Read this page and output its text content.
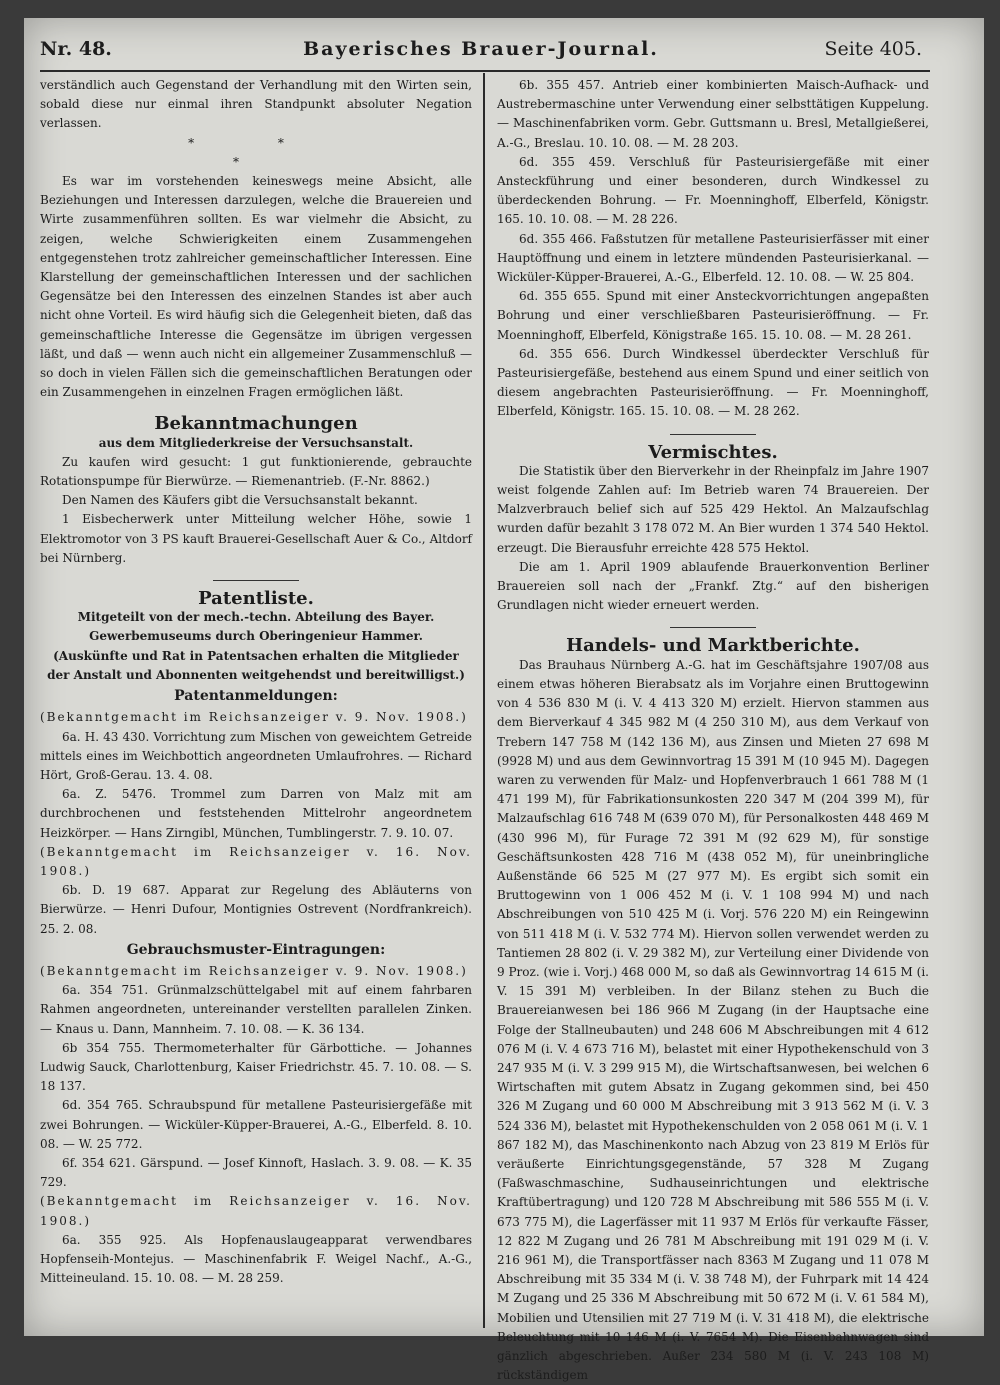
Nr. 48.	Bayerisches Brauer-Journal.	Seite 405.

verständlich auch Gegenstand der Verhandlung mit den Wirten sein, sobald diese nur einmal ihren Standpunkt absoluter Negation verlassen.

* *

*

Es war im vorstehenden keineswegs meine Absicht, alle Beziehungen und Interessen darzulegen, welche die Brauereien und Wirte zusammenführen sollten. Es war vielmehr die Absicht, zu zeigen, welche Schwierigkeiten einem Zusammengehen entgegenstehen trotz zahlreicher gemeinschaftlicher Interessen. Eine Klarstellung der gemeinschaftlichen Interessen und der sachlichen Gegensätze bei den Interessen des einzelnen Standes ist aber auch nicht ohne Vorteil. Es wird häufig sich die Gelegenheit bieten, daß das gemeinschaftliche Interesse die Gegensätze im übrigen vergessen läßt, und daß — wenn auch nicht ein allgemeiner Zusammenschluß — so doch in vielen Fällen sich die gemeinschaftlichen Beratungen oder ein Zusammengehen in einzelnen Fragen ermöglichen läßt.

Bekanntmachungen

aus dem Mitgliederkreise der Versuchsanstalt.

Zu kaufen wird gesucht: 1 gut funktionierende, gebrauchte Rotationspumpe für Bierwürze. — Riemenantrieb. (F.-Nr. 8862.)

Den Namen des Käufers gibt die Versuchsanstalt bekannt.

1 Eisbecherwerk unter Mitteilung welcher Höhe, sowie 1 Elektromotor von 3 PS kauft Brauerei-Gesellschaft Auer & Co., Altdorf bei Nürnberg.

Patentliste.

Mitgeteilt von der mech.-techn. Abteilung des Bayer. Gewerbemuseums durch Oberingenieur Hammer.

(Auskünfte und Rat in Patentsachen erhalten die Mitglieder der Anstalt und Abonnenten weitgehendst und bereitwilligst.)

Patentanmeldungen:

(Bekanntgemacht im Reichsanzeiger v. 9. Nov. 1908.)

6a. H. 43 430. Vorrichtung zum Mischen von geweichtem Getreide mittels eines im Weichbottich angeordneten Umlaufrohres. — Richard Hört, Groß-Gerau. 13. 4. 08.

6a. Z. 5476. Trommel zum Darren von Malz mit am durchbrochenen und feststehenden Mittelrohr angeordnetem Heizkörper. — Hans Zirngibl, München, Tumblingerstr. 7. 9. 10. 07.

(Bekanntgemacht im Reichsanzeiger v. 16. Nov. 1908.)

6b. D. 19 687. Apparat zur Regelung des Abläuterns von Bierwürze. — Henri Dufour, Montignies Ostrevent (Nordfrankreich). 25. 2. 08.

Gebrauchsmuster-Eintragungen:

(Bekanntgemacht im Reichsanzeiger v. 9. Nov. 1908.)

6a. 354 751. Grünmalzschüttelgabel mit auf einem fahrbaren Rahmen angeordneten, untereinander verstellten parallelen Zinken. — Knaus u. Dann, Mannheim. 7. 10. 08. — K. 36 134.

6b 354 755. Thermometerhalter für Gärbottiche. — Johannes Ludwig Sauck, Charlottenburg, Kaiser Friedrichstr. 45. 7. 10. 08. — S. 18 137.

6d. 354 765. Schraubspund für metallene Pasteurisiergefäße mit zwei Bohrungen. — Wicküler-Küpper-Brauerei, A.-G., Elberfeld. 8. 10. 08. — W. 25 772.

6f. 354 621. Gärspund. — Josef Kinnoft, Haslach. 3. 9. 08. — K. 35 729.

(Bekanntgemacht im Reichsanzeiger v. 16. Nov. 1908.)

6a. 355 925. Als Hopfenauslaugeapparat verwendbares Hopfenseih-Montejus. — Maschinenfabrik F. Weigel Nachf., A.-G., Mitteineuland. 15. 10. 08. — M. 28 259.

6b. 355 457. Antrieb einer kombinierten Maisch-Aufhack- und Austrebermaschine unter Verwendung einer selbsttätigen Kuppelung. — Maschinenfabriken vorm. Gebr. Guttsmann u. Bresl, Metallgießerei, A.-G., Breslau. 10. 10. 08. — M. 28 203.

6d. 355 459. Verschluß für Pasteurisiergefäße mit einer Ansteckführung und einer besonderen, durch Windkessel zu überdeckenden Bohrung. — Fr. Moenninghoff, Elberfeld, Königstr. 165. 10. 10. 08. — M. 28 226.

6d. 355 466. Faßstutzen für metallene Pasteurisierfässer mit einer Hauptöffnung und einem in letztere mündenden Pasteurisierkanal. — Wicküler-Küpper-Brauerei, A.-G., Elberfeld. 12. 10. 08. — W. 25 804.

6d. 355 655. Spund mit einer Ansteckvorrichtungen angepaßten Bohrung und einer verschließbaren Pasteurisieröffnung. — Fr. Moenninghoff, Elberfeld, Königstraße 165. 15. 10. 08. — M. 28 261.

6d. 355 656. Durch Windkessel überdeckter Verschluß für Pasteurisiergefäße, bestehend aus einem Spund und einer seitlich von diesem angebrachten Pasteurisieröffnung. — Fr. Moenninghoff, Elberfeld, Königstr. 165. 15. 10. 08. — M. 28 262.

Vermischtes.

Die Statistik über den Bierverkehr in der Rheinpfalz im Jahre 1907 weist folgende Zahlen auf: Im Betrieb waren 74 Brauereien. Der Malzverbrauch belief sich auf 525 429 Hektol. An Malzaufschlag wurden dafür bezahlt 3 178 072 M. An Bier wurden 1 374 540 Hektol. erzeugt. Die Bierausfuhr erreichte 428 575 Hektol.

Die am 1. April 1909 ablaufende Brauerkonvention Berliner Brauereien soll nach der „Frankf. Ztg.“ auf den bisherigen Grundlagen nicht wieder erneuert werden.

Handels- und Marktberichte.

Das Brauhaus Nürnberg A.-G. hat im Geschäftsjahre 1907/08 aus einem etwas höheren Bierabsatz als im Vorjahre einen Bruttogewinn von 4 536 830 M (i. V. 4 413 320 M) erzielt. Hiervon stammen aus dem Bierverkauf 4 345 982 M (4 250 310 M), aus dem Verkauf von Trebern 147 758 M (142 136 M), aus Zinsen und Mieten 27 698 M (9928 M) und aus dem Gewinnvortrag 15 391 M (10 945 M). Dagegen waren zu verwenden für Malz- und Hopfenverbrauch 1 661 788 M (1 471 199 M), für Fabrikationsunkosten 220 347 M (204 399 M), für Malzaufschlag 616 748 M (639 070 M), für Personalkosten 448 469 M (430 996 M), für Furage 72 391 M (92 629 M), für sonstige Geschäftsunkosten 428 716 M (438 052 M), für uneinbringliche Außenstände 66 525 M (27 977 M). Es ergibt sich somit ein Bruttogewinn von 1 006 452 M (i. V. 1 108 994 M) und nach Abschreibungen von 510 425 M (i. Vorj. 576 220 M) ein Reingewinn von 511 418 M (i. V. 532 774 M). Hiervon sollen verwendet werden zu Tantiemen 28 802 (i. V. 29 382 M), zur Verteilung einer Dividende von 9 Proz. (wie i. Vorj.) 468 000 M, so daß als Gewinnvortrag 14 615 M (i. V. 15 391 M) verbleiben. In der Bilanz stehen zu Buch die Brauereianwesen bei 186 966 M Zugang (in der Hauptsache eine Folge der Stallneubauten) und 248 606 M Abschreibungen mit 4 612 076 M (i. V. 4 673 716 M), belastet mit einer Hypothekenschuld von 3 247 935 M (i. V. 3 299 915 M), die Wirtschaftsanwesen, bei welchen 6 Wirtschaften mit gutem Absatz in Zugang gekommen sind, bei 450 326 M Zugang und 60 000 M Abschreibung mit 3 913 562 M (i. V. 3 524 336 M), belastet mit Hypothekenschulden von 2 058 061 M (i. V. 1 867 182 M), das Maschinenkonto nach Abzug von 23 819 M Erlös für veräußerte Einrichtungsgegenstände, 57 328 M Zugang (Faßwaschmaschine, Sudhauseinrichtungen und elektrische Kraftübertragung) und 120 728 M Abschreibung mit 586 555 M (i. V. 673 775 M), die Lagerfässer mit 11 937 M Erlös für verkaufte Fässer, 12 822 M Zugang und 26 781 M Abschreibung mit 191 029 M (i. V. 216 961 M), die Transportfässer nach 8363 M Zugang und 11 078 M Abschreibung mit 35 334 M (i. V. 38 748 M), der Fuhrpark mit 14 424 M Zugang und 25 336 M Abschreibung mit 50 672 M (i. V. 61 584 M), Mobilien und Utensilien mit 27 719 M (i. V. 31 418 M), die elektrische Beleuchtung mit 10 146 M (i. V. 7654 M). Die Eisenbahnwagen sind gänzlich abgeschrieben. Außer 234 580 M (i. V. 243 108 M) rückständigem
